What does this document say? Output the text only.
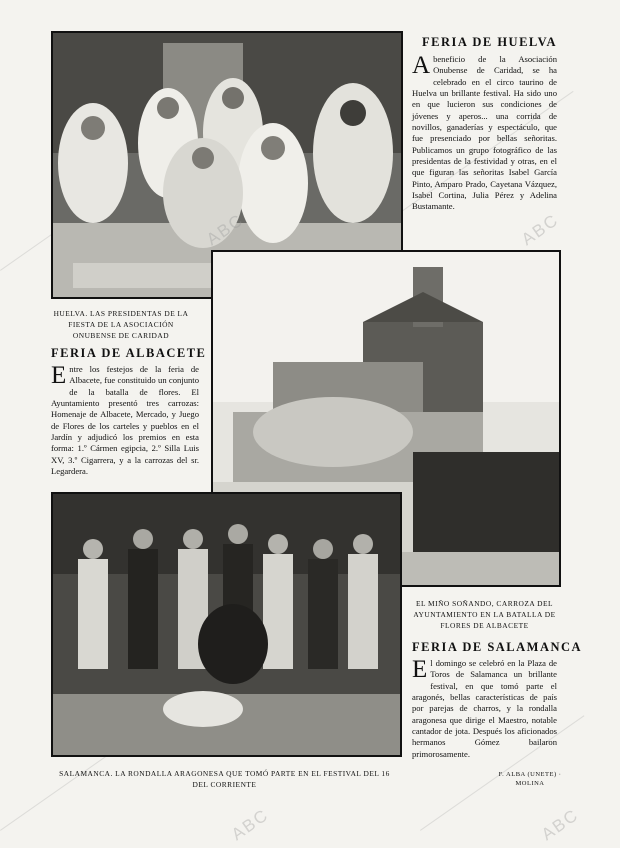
FERIA DE HUELVA

Abeneficio de la Asociación Onubense de Caridad, se ha celebrado en el circo taurino de Huelva un brillante festival. Ha sido uno en que lucieron sus condiciones de jóvenes y aperos... una corrida de novillos, ganaderías y espectáculo, que fue presenciado por bellas señoritas. Publicamos un grupo fotográfico de las presidentas de la festividad y otras, en el que figuran las señoritas Isabel García Pinto, Amparo Prado, Cayetana Vázquez, Isabel Cortina, Julia Pérez y Adelina Bustamante.

HUELVA. LAS PRESIDENTAS DE LA FIESTA DE LA ASOCIACIÓN ONUBENSE DE CARIDAD
FERIA DE ALBACETE

Entre los festejos de la feria de Albacete, fue constituido un conjunto de la batalla de flores. El Ayuntamiento presentó tres carrozas: Homenaje de Albacete, Mercado, y Juego de Flores de los carteles y pueblos en el Jardín y adjudicó los premios en esta forma: 1.º Cármen egipcia, 2.º Silla Luis XV, 3.º Cigarrera, y a la carrozas del sr. Legardera.

EL MIÑO SOÑANDO, CARROZA DEL AYUNTAMIENTO EN LA BATALLA DE FLORES DE ALBACETE
SALAMANCA. LA RONDALLA ARAGONESA QUE TOMÓ PARTE EN EL FESTIVAL DEL 16 DEL CORRIENTE
FERIA DE SALAMANCA

El domingo se celebró en la Plaza de Toros de Salamanca un brillante festival, en que tomó parte el aragonés, bellas características de país por parejas de charros, y la rondalla aragonesa que dirige el Maestro, notable cantador de jota. Después los aficionados hermanos Gómez bailaron primorosamente.

F. ALBA (UNETE) · MOLINA
ABC	ABC
ABC	ABC
